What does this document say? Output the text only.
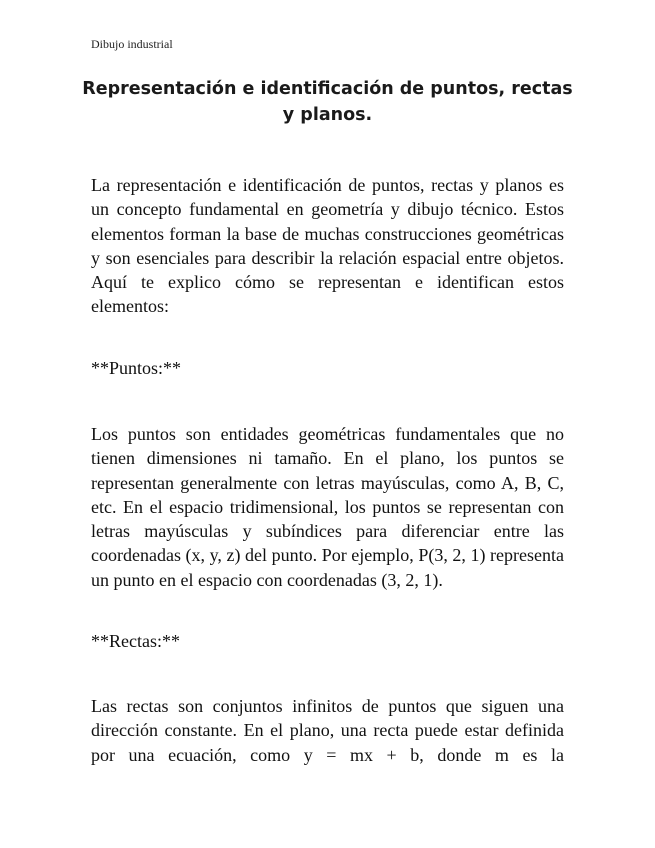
Dibujo industrial
Representación e identificación de puntos, rectas y planos.

La representación e identificación de puntos, rectas y planos es un concepto fundamental en geometría y dibujo técnico. Estos elementos forman la base de muchas construcciones geométricas y son esenciales para describir la relación espacial entre objetos. Aquí te explico cómo se representan e identifican estos elementos:

**Puntos:**

Los puntos son entidades geométricas fundamentales que no tienen dimensiones ni tamaño. En el plano, los puntos se representan generalmente con letras mayúsculas, como A, B, C, etc. En el espacio tridimensional, los puntos se representan con letras mayúsculas y subíndices para diferenciar entre las coordenadas (x, y, z) del punto. Por ejemplo, P(3, 2, 1) representa un punto en el espacio con coordenadas (3, 2, 1).

**Rectas:**

Las rectas son conjuntos infinitos de puntos que siguen una dirección constante. En el plano, una recta puede estar definida por una ecuación, como y = mx + b, donde m es la
